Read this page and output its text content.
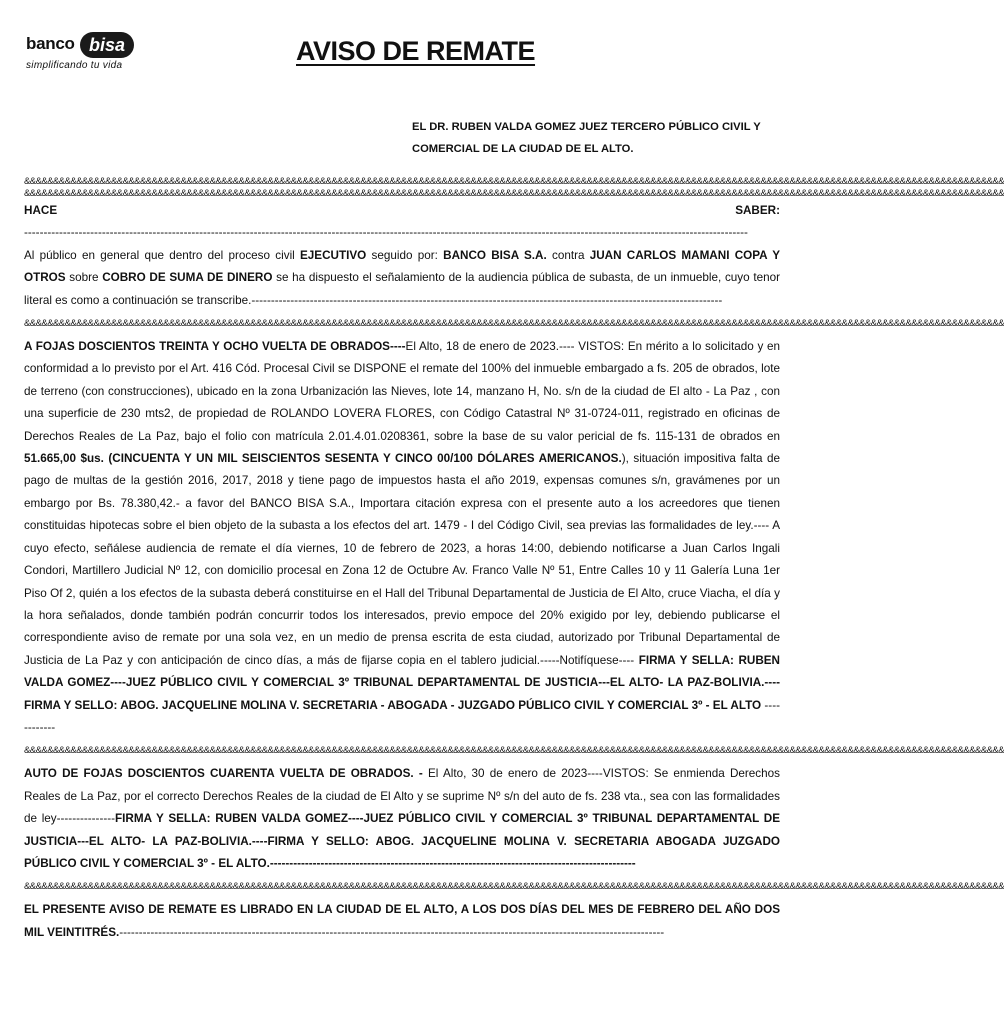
banco bisa
simplificando tu vida	AVISO DE REMATE
EL DR. RUBEN VALDA GOMEZ JUEZ TERCERO PÚBLICO CIVIL Y COMERCIAL DE LA CIUDAD DE EL ALTO.
&&&&&&&&&&&&&&&&&&&&&&&&&&&&&&&&&&&&&&&&&&&&&&&&&&&&&&&&&&&&&&&&&&&&&&&&&&&&&&&&&&&&&&&&&&&&&&&&&&&&&&&&&&&&&&&&&&&&&&&&&&&&&&&&&&&&&&&&&&&&&&&&&&&&&&&&&&&&&&&&&&&&&&&&&
&&&&&&&&&&&&&&&&&&&&&&&&&&&&&&&&&&&&&&&&&&&&&&&&&&&&&&&&&&&&&&&&&&&&&&&&&&&&&&&&&&&&&&&&&&&&&&&&&&&&&&&&&&&&&&&&&&&&&&&&&&&&&&&&&&&&&&&&&&&&&&&&&&&&&&&&&&&&&&&&&&&&&&&&&

HACE SABER: ------------------------------------------------------------------------------------------------------------------------------------------------------------------------------------------

Al público en general que dentro del proceso civil EJECUTIVO seguido por: BANCO BISA S.A. contra JUAN CARLOS MAMANI COPA Y OTROS sobre COBRO DE SUMA DE DINERO se ha dispuesto el señalamiento de la audiencia pública de subasta, de un inmueble, cuyo tenor literal es como a continuación se transcribe.-------------------------------------------------------------------------------------------------------------------------

&&&&&&&&&&&&&&&&&&&&&&&&&&&&&&&&&&&&&&&&&&&&&&&&&&&&&&&&&&&&&&&&&&&&&&&&&&&&&&&&&&&&&&&&&&&&&&&&&&&&&&&&&&&&&&&&&&&&&&&&&&&&&&&&&&&&&&&&&&&&&&&&&&&&&&&&&&&&&&&&&&&&&&&&&

A FOJAS DOSCIENTOS TREINTA Y OCHO VUELTA DE OBRADOS----El Alto, 18 de enero de 2023.---- VISTOS: En mérito a lo solicitado y en conformidad a lo previsto por el Art. 416 Cód. Procesal Civil se DISPONE el remate del 100% del inmueble embargado a fs. 205 de obrados, lote de terreno (con construcciones), ubicado en la zona Urbanización las Nieves, lote 14, manzano H, No. s/n de la ciudad de El alto - La Paz , con una superficie de 230 mts2, de propiedad de ROLANDO LOVERA FLORES, con Código Catastral Nº 31-0724-011, registrado en oficinas de Derechos Reales de La Paz, bajo el folio con matrícula 2.01.4.01.0208361, sobre la base de su valor pericial de fs. 115-131 de obrados en 51.665,00 $us. (CINCUENTA Y UN MIL SEISCIENTOS SESENTA Y CINCO 00/100 DÓLARES AMERICANOS.), situación impositiva falta de pago de multas de la gestión 2016, 2017, 2018 y tiene pago de impuestos hasta el año 2019, expensas comunes s/n, gravámenes por un embargo por Bs. 78.380,42.- a favor del BANCO BISA S.A., Importara citación expresa con el presente auto a los acreedores que tienen constituidas hipotecas sobre el bien objeto de la subasta a los efectos del art. 1479 - I del Código Civil, sea previas las formalidades de ley.---- A cuyo efecto, señálese audiencia de remate el día viernes, 10 de febrero de 2023, a horas 14:00, debiendo notificarse a Juan Carlos Ingali Condori, Martillero Judicial Nº 12, con domicilio procesal en Zona 12 de Octubre Av. Franco Valle Nº 51, Entre Calles 10 y 11 Galería Luna 1er Piso Of 2, quién a los efectos de la subasta deberá constituirse en el Hall del Tribunal Departamental de Justicia de El Alto, cruce Viacha, el día y la hora señalados, donde también podrán concurrir todos los interesados, previo empoce del 20% exigido por ley, debiendo publicarse el correspondiente aviso de remate por una sola vez, en un medio de prensa escrita de esta ciudad, autorizado por Tribunal Departamental de Justicia de La Paz y con anticipación de cinco días, a más de fijarse copia en el tablero judicial.-----Notifíquese---- FIRMA Y SELLA: RUBEN VALDA GOMEZ----JUEZ PÚBLICO CIVIL Y COMERCIAL 3º TRIBUNAL DEPARTAMENTAL DE JUSTICIA---EL ALTO- LA PAZ-BOLIVIA.----FIRMA Y SELLO: ABOG. JACQUELINE MOLINA V. SECRETARIA - ABOGADA - JUZGADO PÚBLICO CIVIL Y COMERCIAL 3º - EL ALTO ------------

&&&&&&&&&&&&&&&&&&&&&&&&&&&&&&&&&&&&&&&&&&&&&&&&&&&&&&&&&&&&&&&&&&&&&&&&&&&&&&&&&&&&&&&&&&&&&&&&&&&&&&&&&&&&&&&&&&&&&&&&&&&&&&&&&&&&&&&&&&&&&&&&&&&&&&&&&&&&&&&&&&&&&&&&&

AUTO DE FOJAS DOSCIENTOS CUARENTA VUELTA DE OBRADOS. - El Alto, 30 de enero de 2023----VISTOS: Se enmienda Derechos Reales de La Paz, por el correcto Derechos Reales de la ciudad de El Alto y se suprime Nº s/n del auto de fs. 238 vta., sea con las formalidades de ley---------------FIRMA Y SELLA: RUBEN VALDA GOMEZ----JUEZ PÚBLICO CIVIL Y COMERCIAL 3º TRIBUNAL DEPARTAMENTAL DE JUSTICIA---EL ALTO- LA PAZ-BOLIVIA.----FIRMA Y SELLO: ABOG. JACQUELINE MOLINA V. SECRETARIA ABOGADA JUZGADO PÚBLICO CIVIL Y COMERCIAL 3º - EL ALTO.----------------------------------------------------------------------------------------------

&&&&&&&&&&&&&&&&&&&&&&&&&&&&&&&&&&&&&&&&&&&&&&&&&&&&&&&&&&&&&&&&&&&&&&&&&&&&&&&&&&&&&&&&&&&&&&&&&&&&&&&&&&&&&&&&&&&&&&&&&&&&&&&&&&&&&&&&&&&&&&&&&&&&&&&&&&&&&&&&&&&&&&&&&

EL PRESENTE AVISO DE REMATE ES LIBRADO EN LA CIUDAD DE EL ALTO, A LOS DOS DÍAS DEL MES DE FEBRERO DEL AÑO DOS MIL VEINTITRÉS.--------------------------------------------------------------------------------------------------------------------------------------------
